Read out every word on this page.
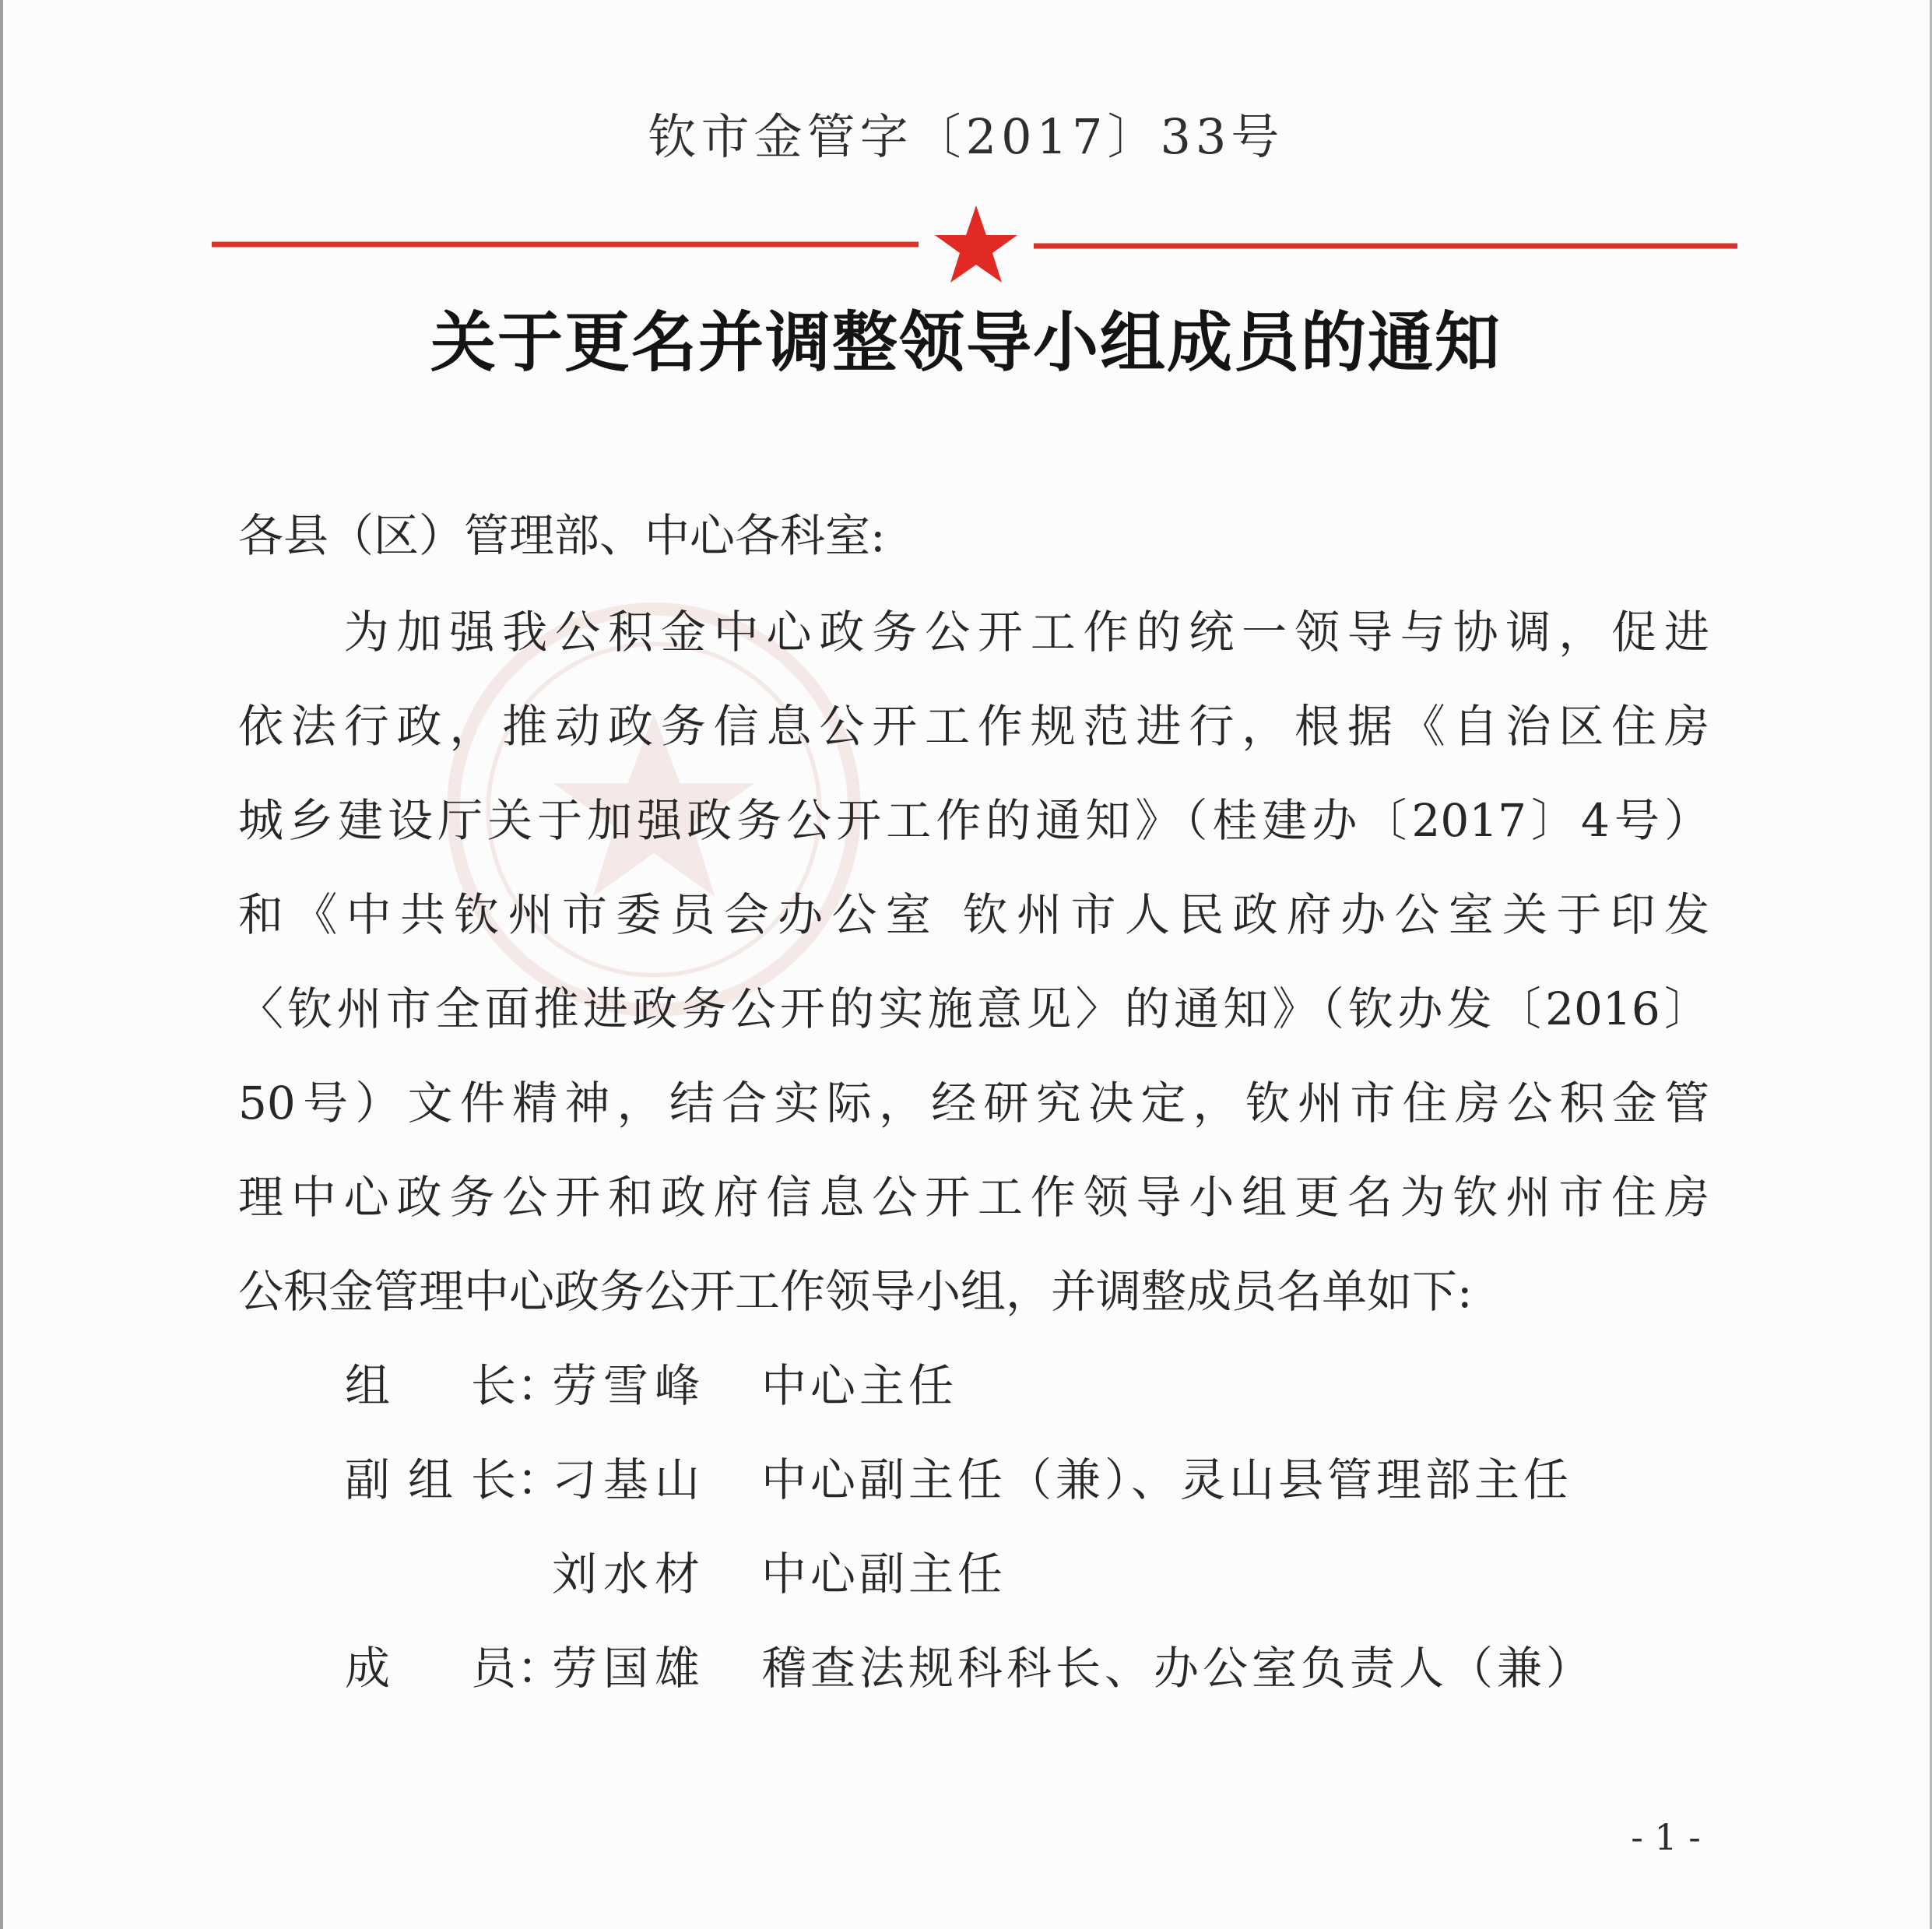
钦市金管字〔2017〕33号
关于更名并调整领导小组成员的通知
各县（区）管理部、中心各科室:
　　为加强我公积金中心政务公开工作的统一领导与协调，促进
依法行政，推动政务信息公开工作规范进行，根据《自治区住房
城乡建设厅关于加强政务公开工作的通知》（桂建办〔2017〕4号）
和《中共钦州市委员会办公室 钦州市人民政府办公室关于印发
〈钦州市全面推进政务公开的实施意见〉的通知》（钦办发〔2016〕
50号）文件精神，结合实际，经研究决定，钦州市住房公积金管
理中心政务公开和政府信息公开工作领导小组更名为钦州市住房
公积金管理中心政务公开工作领导小组，并调整成员名单如下:
组长 ：
劳雪峰 中心主任
副组长 ：
刁基山 中心副主任（兼）、灵山县管理部主任
刘水材 中心副主任
成员 ：
劳国雄 稽查法规科科长、办公室负责人（兼）
- 1 -
